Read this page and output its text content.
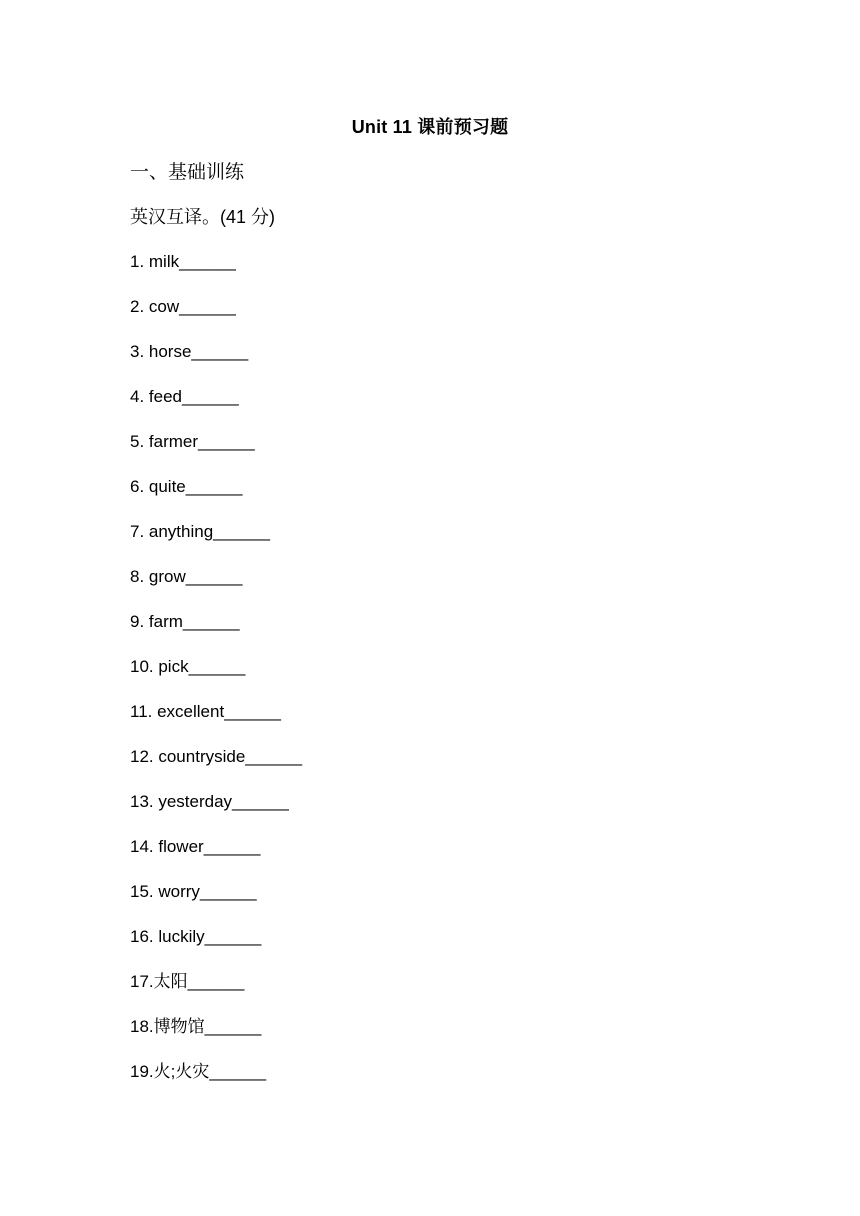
Unit 11 课前预习题
一、基础训练
英汉互译。(41 分)
1. milk______
2. cow______
3. horse______
4. feed______
5. farmer______
6. quite______
7. anything______
8. grow______
9. farm______
10. pick______
11. excellent______
12. countryside______
13. yesterday______
14. flower______
15. worry______
16. luckily______
17.太阳______
18.博物馆______
19.火;火灾______
